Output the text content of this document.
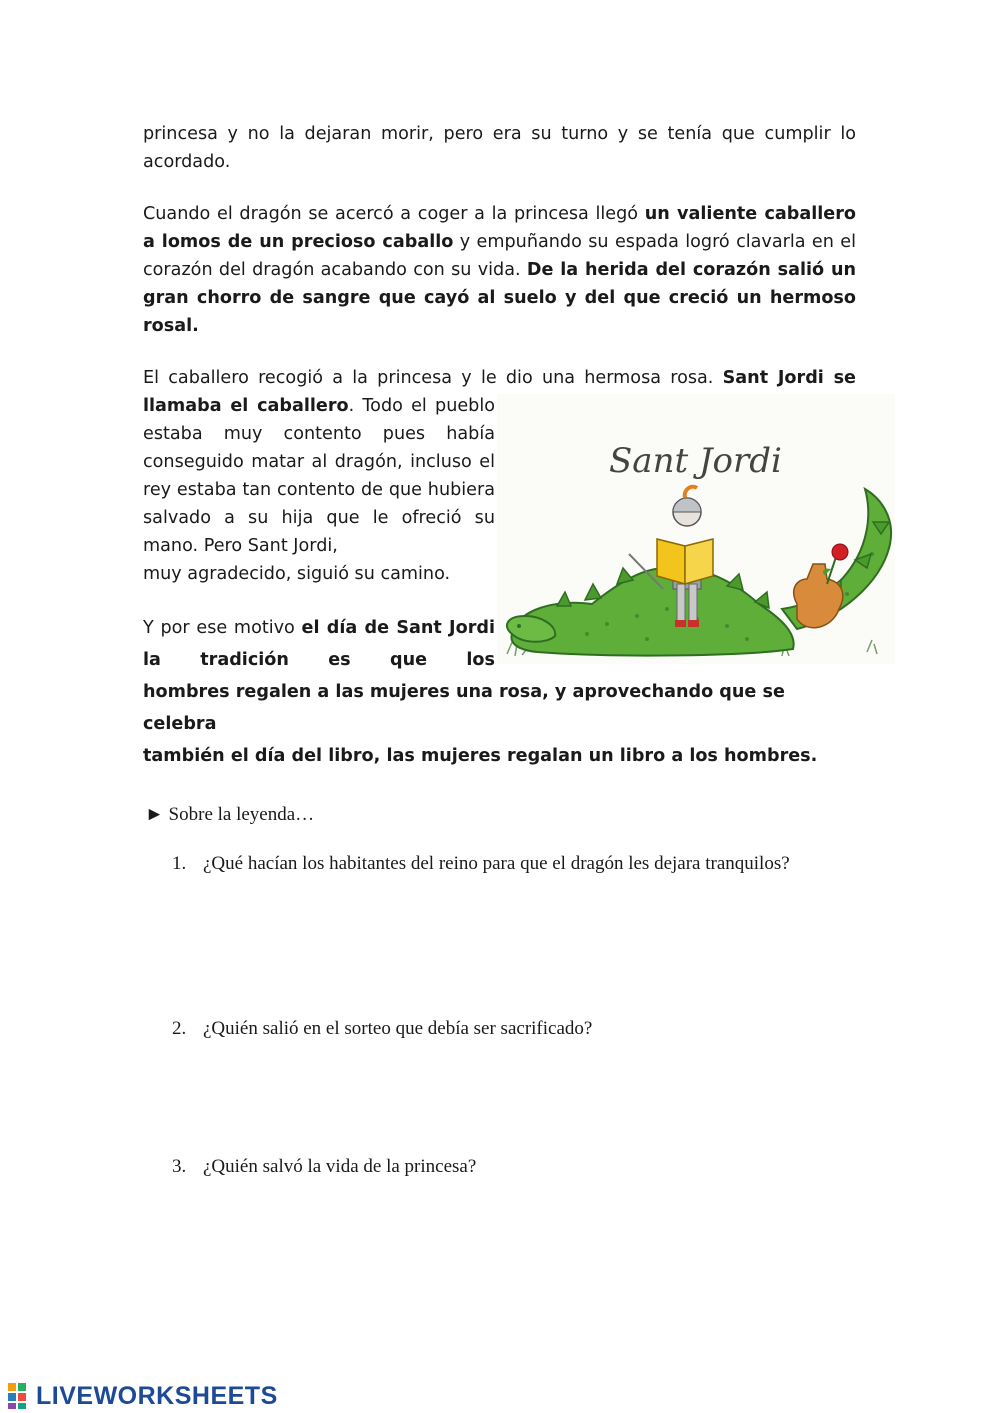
princesa y no la dejaran morir, pero era su turno y se tenía que cumplir lo acordado.

Cuando el dragón se acercó a coger a la princesa llegó un valiente caballero a lomos de un precioso caballo y empuñando su espada logró clavarla en el corazón del dragón acabando con su vida. De la herida del corazón salió un gran chorro de sangre que cayó al suelo y del que creció un hermoso rosal.

El caballero recogió a la princesa y le dio una hermosa rosa. Sant Jordi se

llamaba el caballero. Todo el pueblo estaba muy contento pues había conseguido matar al dragón, incluso el rey estaba tan contento de que hubiera salvado a su hija que le ofreció su mano. Pero Sant Jordi,
muy agradecido, siguió su camino.

Y por ese motivo el día de Sant Jordi la tradición es que los

hombres regalen a las mujeres una rosa, y aprovechando que se celebra
también el día del libro, las mujeres regalan un libro a los hombres.

Sant Jordi
► Sobre la leyenda…
1. ¿Qué hacían los habitantes del reino para que el dragón les dejara tranquilos?
2. ¿Quién salió en el sorteo que debía ser sacrificado?
3. ¿Quién salvó la vida de la princesa?
LIVEWORKSHEETS
